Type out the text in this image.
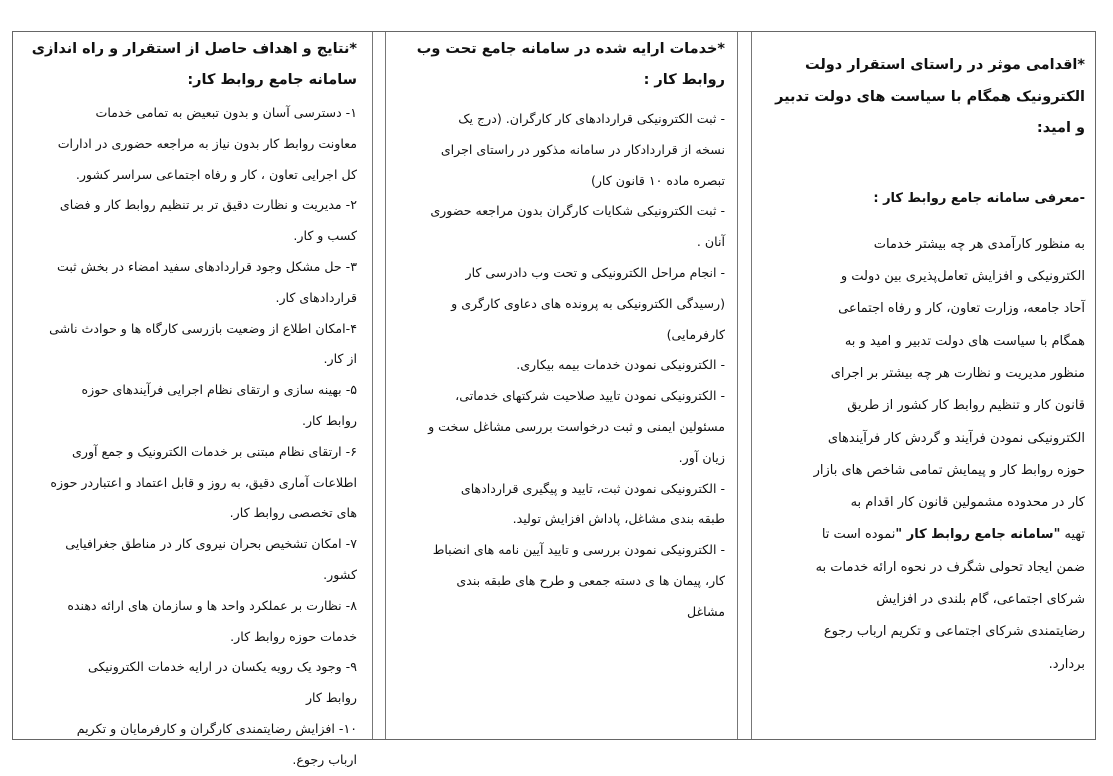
*نتایج و اهداف حاصل از استقرار و راه اندازی

سامانه جامع روابط کار:

۱- دسترسی آسان و بدون تبعیض به تمامی خدمات

معاونت روابط کار بدون نیاز به مراجعه حضوری در ادارات

کل اجرایی تعاون ، کار و رفاه اجتماعی سراسر کشور.

۲- مدیریت و نظارت دقیق تر بر تنظیم روابط کار و فضای

کسب و کار.

۳- حل مشکل وجود قراردادهای سفید امضاء در بخش ثبت

قراردادهای کار.

۴-امکان اطلاع از وضعیت بازرسی کارگاه ها و حوادث ناشی

از کار.

۵- بهینه سازی و ارتقای نظام اجرایی فرآیندهای حوزه

روابط کار.

۶- ارتقای نظام مبتنی بر خدمات الکترونیک و جمع آوری

اطلاعات آماری دقیق، به روز و قابل اعتماد و اعتباردر حوزه

های تخصصی روابط کار.

۷- امکان تشخیص بحران نیروی کار در مناطق جغرافیایی

کشور.

۸- نظارت بر عملکرد واحد ها و سازمان های ارائه دهنده

خدمات حوزه روابط کار.

۹- وجود یک رویه یکسان در ارایه خدمات الکترونیکی

روابط کار

۱۰- افزایش رضایتمندی کارگران و کارفرمایان و تکریم

ارباب رجوع.

*خدمات ارایه شده در سامانه جامع تحت وب

روابط کار :

- ثبت الکترونیکی قراردادهای کار کارگران. (درج یک

نسخه از قراردادکار در سامانه مذکور در راستای اجرای

تبصره ماده ۱۰ قانون کار)

- ثبت الکترونیکی شکایات کارگران بدون مراجعه حضوری

آنان .

- انجام مراحل الکترونیکی و تحت وب دادرسی کار

(رسیدگی الکترونیکی به پرونده های دعاوی کارگری و

کارفرمایی)

- الکترونیکی نمودن خدمات بیمه بیکاری.

- الکترونیکی نمودن تایید صلاحیت شرکتهای خدماتی،

مسئولین ایمنی و ثبت درخواست بررسی مشاغل سخت و

زیان آور.

- الکترونیکی نمودن ثبت، تایید و پیگیری قراردادهای

طبقه بندی مشاغل، پاداش افزایش تولید.

- الکترونیکی نمودن بررسی و تایید آیین نامه های انضباط

کار، پیمان ها ی دسته جمعی و طرح های طبقه بندی

مشاغل

*اقدامی موثر در راستای استقرار دولت

الکترونیک همگام با سیاست های دولت تدبیر

و امید:

-معرفی سامانه جامع روابط کار :

به منظور کارآمدی هر چه بیشتر خدمات

الکترونیکی و افزایش تعامل‌پذیری بین دولت و

آحاد جامعه، وزارت تعاون، کار و رفاه اجتماعی

همگام با سیاست های دولت تدبیر و امید و به

منظور مدیریت و نظارت هر چه بیشتر بر اجرای

قانون کار و تنظیم روابط کار کشور از طریق

الکترونیکی نمودن فرآیند و گردش کار فرآیندهای

حوزه روابط کار و پیمایش تمامی شاخص های بازار

کار در محدوده مشمولین قانون کار اقدام به

تهیه "سامانه جامع روابط کار "نموده است تا

ضمن ایجاد تحولی شگرف در نحوه ارائه خدمات به

شرکای اجتماعی، گام بلندی در افزایش

رضایتمندی شرکای اجتماعی و تکریم ارباب رجوع

بردارد.
